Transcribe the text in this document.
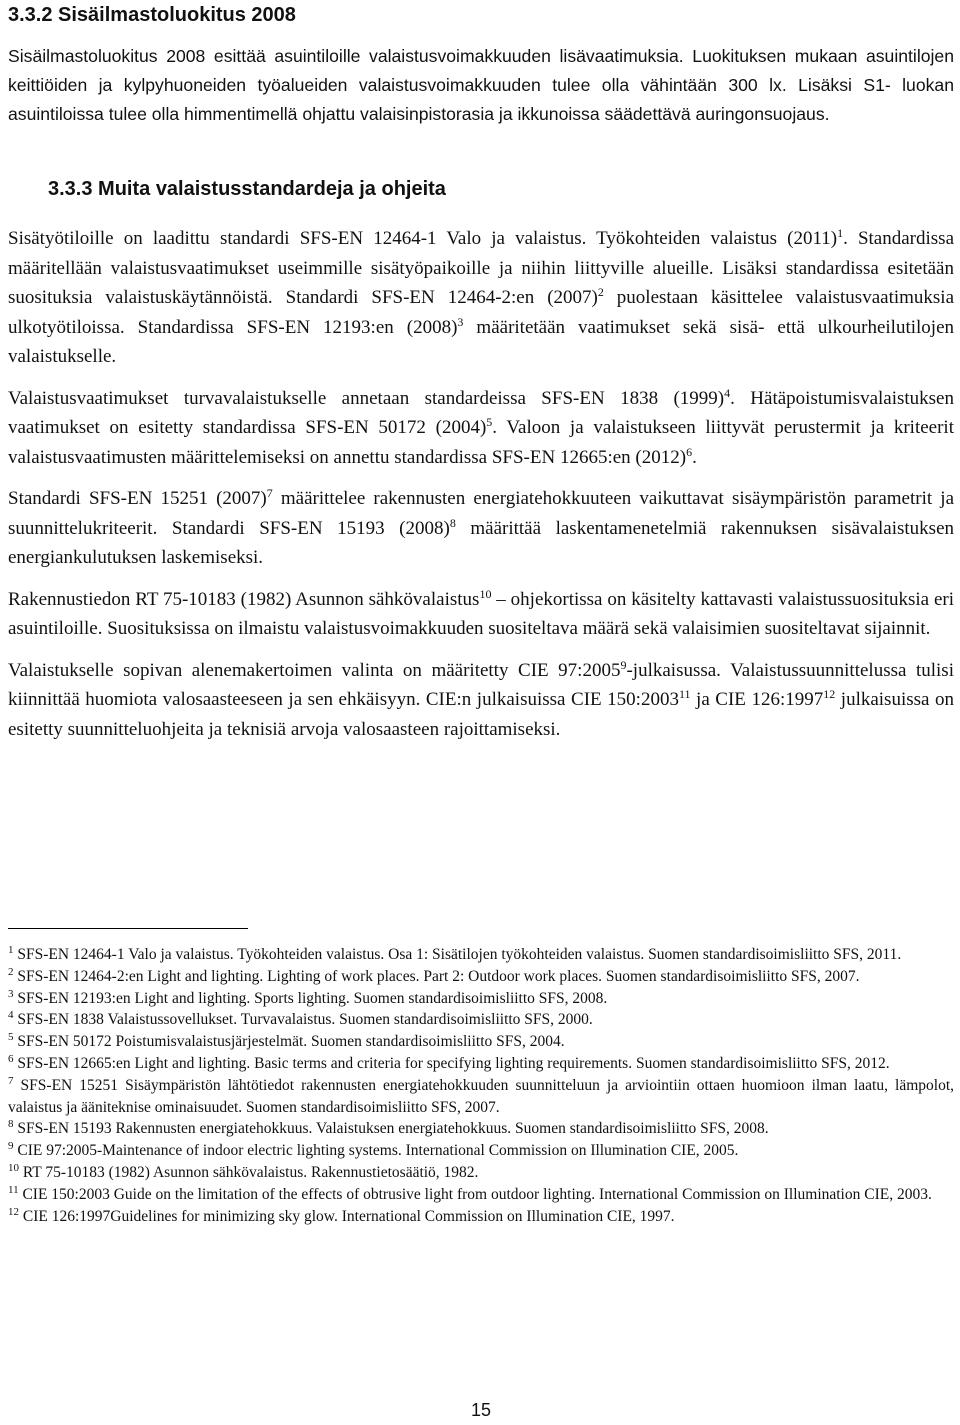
3.3.2 Sisäilmastoluokitus 2008

Sisäilmastoluokitus 2008 esittää asuintiloille valaistusvoimakkuuden lisävaatimuksia. Luokituksen mukaan asuintilojen keittiöiden ja kylpyhuoneiden työalueiden valaistusvoimakkuuden tulee olla vähintään 300 lx. Lisäksi S1- luokan asuintiloissa tulee olla himmentimellä ohjattu valaisinpistorasia ja ikkunoissa säädettävä auringonsuojaus.

3.3.3 Muita valaistusstandardeja ja ohjeita

Sisätyötiloille on laadittu standardi SFS-EN 12464-1 Valo ja valaistus. Työkohteiden valaistus $(2011)^1$. Standardissa määritellään valaistusvaatimukset useimmille sisätyöpaikoille ja niihin liittyville alueille. Lisäksi standardissa esitetään suosituksia valaistuskäytännöistä. Standardi SFS-EN 12464-2:en $(2007)^2$ puolestaan käsittelee valaistusvaatimuksia ulkotyötiloissa. Standardissa SFS-EN 12193:en $(2008)^3$ määritetään vaatimukset sekä sisä- että ulkourheilutilojen valaistukselle.

Valaistusvaatimukset turvavalaistukselle annetaan standardeissa SFS-EN 1838 $(1999)^4$. Hätäpoistumisvalaistuksen vaatimukset on esitetty standardissa SFS-EN 50172 $(2004)^5$. Valoon ja valaistukseen liittyvät perustermit ja kriteerit valaistusvaatimusten määrittelemiseksi on annettu standardissa SFS-EN 12665:en $(2012)^6$.

Standardi SFS-EN 15251 $(2007)^7$ määrittelee rakennusten energiatehokkuuteen vaikuttavat sisäympäristön parametrit ja suunnittelukriteerit. Standardi SFS-EN 15193 $(2008)^8$ määrittää laskentamenetelmiä rakennuksen sisävalaistuksen energiankulutuksen laskemiseksi.

Rakennustiedon RT 75-10183 (1982) Asunnon sähkövalaistus$^{10}$ – ohjekortissa on käsitelty kattavasti valaistussuosituksia eri asuintiloille. Suosituksissa on ilmaistu valaistusvoimakkuuden suositeltava määrä sekä valaisimien suositeltavat sijainnit.

Valaistukselle sopivan alenemakertoimen valinta on määritetty CIE 97:2005$^9$-julkaisussa. Valaistussuunnittelussa tulisi kiinnittää huomiota valosaasteeseen ja sen ehkäisyyn. CIE:n julkaisuissa CIE 150:2003$^{11}$ ja CIE 126:1997$^{12}$ julkaisuissa on esitetty suunnitteluohjeita ja teknisiä arvoja valosaasteen rajoittamiseksi.

$^1$ SFS-EN 12464-1 Valo ja valaistus. Työkohteiden valaistus. Osa 1: Sisätilojen työkohteiden valaistus. Suomen standardisoimisliitto SFS, 2011.

$^2$ SFS-EN 12464-2:en Light and lighting. Lighting of work places. Part 2: Outdoor work places. Suomen standardisoimisliitto SFS, 2007.

$^3$ SFS-EN 12193:en Light and lighting. Sports lighting. Suomen standardisoimisliitto SFS, 2008.

$^4$ SFS-EN 1838 Valaistussovellukset. Turvavalaistus. Suomen standardisoimisliitto SFS, 2000.

$^5$ SFS-EN 50172 Poistumisvalaistusjärjestelmät. Suomen standardisoimisliitto SFS, 2004.

$^6$ SFS-EN 12665:en Light and lighting. Basic terms and criteria for specifying lighting requirements. Suomen standardisoimisliitto SFS, 2012.

$^7$ SFS-EN 15251 Sisäympäristön lähtötiedot rakennusten energiatehokkuuden suunnitteluun ja arviointiin ottaen huomioon ilman laatu, lämpolot, valaistus ja ääniteknise ominaisuudet. Suomen standardisoimisliitto SFS, 2007.

$^8$ SFS-EN 15193 Rakennusten energiatehokkuus. Valaistuksen energiatehokkuus. Suomen standardisoimisliitto SFS, 2008.

$^9$ CIE 97:2005-Maintenance of indoor electric lighting systems. International Commission on Illumination CIE, 2005.

$^{10}$ RT 75-10183 (1982) Asunnon sähkövalaistus. Rakennustietosäätiö, 1982.

$^{11}$ CIE 150:2003 Guide on the limitation of the effects of obtrusive light from outdoor lighting. International Commission on Illumination CIE, 2003.

$^{12}$ CIE 126:1997Guidelines for minimizing sky glow. International Commission on Illumination CIE, 1997.

15
